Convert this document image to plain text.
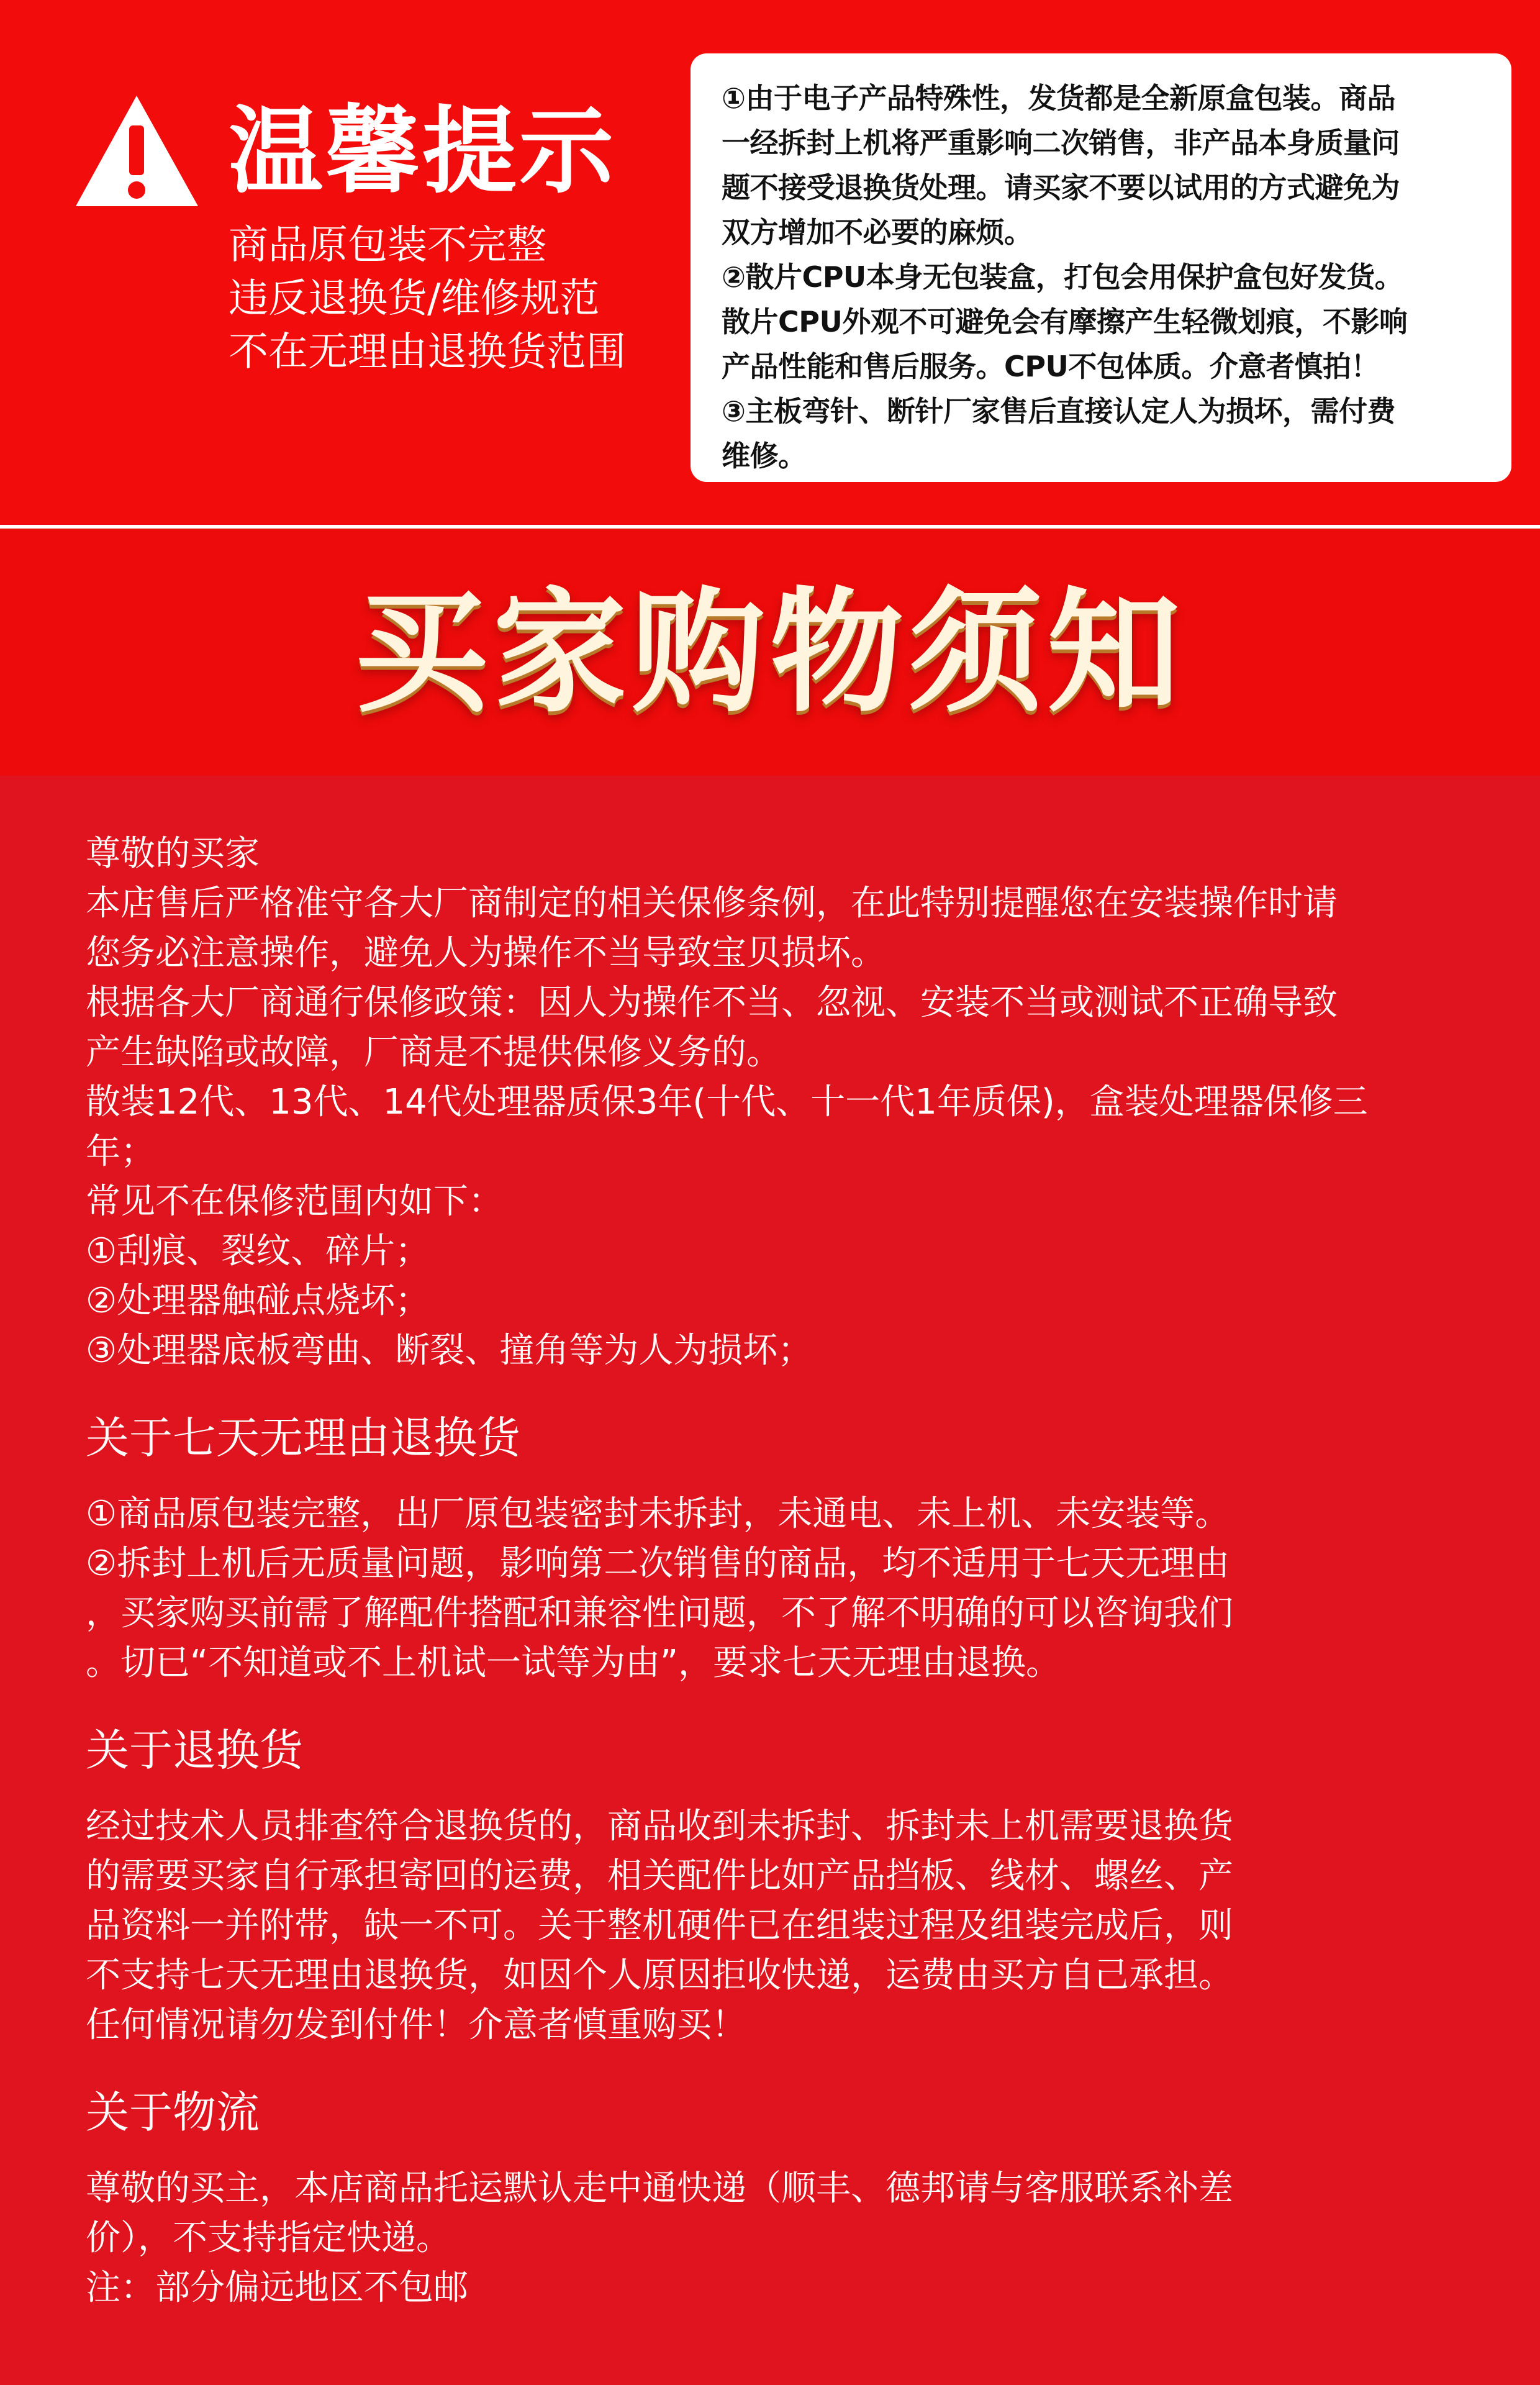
温馨提示
商品原包装不完整
违反退换货/维修规范
不在无理由退换货范围

①由于电子产品特殊性，发货都是全新原盒包装。商品

一经拆封上机将严重影响二次销售，非产品本身质量问

题不接受退换货处理。请买家不要以试用的方式避免为

双方增加不必要的麻烦。

②散片CPU本身无包装盒，打包会用保护盒包好发货。

散片CPU外观不可避免会有摩擦产生轻微划痕，不影响

产品性能和售后服务。CPU不包体质。介意者慎拍！

③主板弯针、断针厂家售后直接认定人为损坏，需付费

维修。

买家购物须知

尊敬的买家

本店售后严格准守各大厂商制定的相关保修条例，在此特别提醒您在安装操作时请

您务必注意操作，避免人为操作不当导致宝贝损坏。

根据各大厂商通行保修政策：因人为操作不当、忽视、安装不当或测试不正确导致

产生缺陷或故障，厂商是不提供保修义务的。

散装12代、13代、14代处理器质保3年(十代、十一代1年质保)，盒装处理器保修三

年；

常见不在保修范围内如下：

①刮痕、裂纹、碎片；

②处理器触碰点烧坏；

③处理器底板弯曲、断裂、撞角等为人为损坏；

关于七天无理由退换货

①商品原包装完整，出厂原包装密封未拆封，未通电、未上机、未安装等。

②拆封上机后无质量问题，影响第二次销售的商品，均不适用于七天无理由

，买家购买前需了解配件搭配和兼容性问题，不了解不明确的可以咨询我们

。切已“不知道或不上机试一试等为由”，要求七天无理由退换。

关于退换货

经过技术人员排查符合退换货的，商品收到未拆封、拆封未上机需要退换货

的需要买家自行承担寄回的运费，相关配件比如产品挡板、线材、螺丝、产

品资料一并附带，缺一不可。关于整机硬件已在组装过程及组装完成后，则

不支持七天无理由退换货，如因个人原因拒收快递，运费由买方自己承担。

任何情况请勿发到付件！介意者慎重购买！

关于物流

尊敬的买主，本店商品托运默认走中通快递（顺丰、德邦请与客服联系补差

价），不支持指定快递。

注：部分偏远地区不包邮
